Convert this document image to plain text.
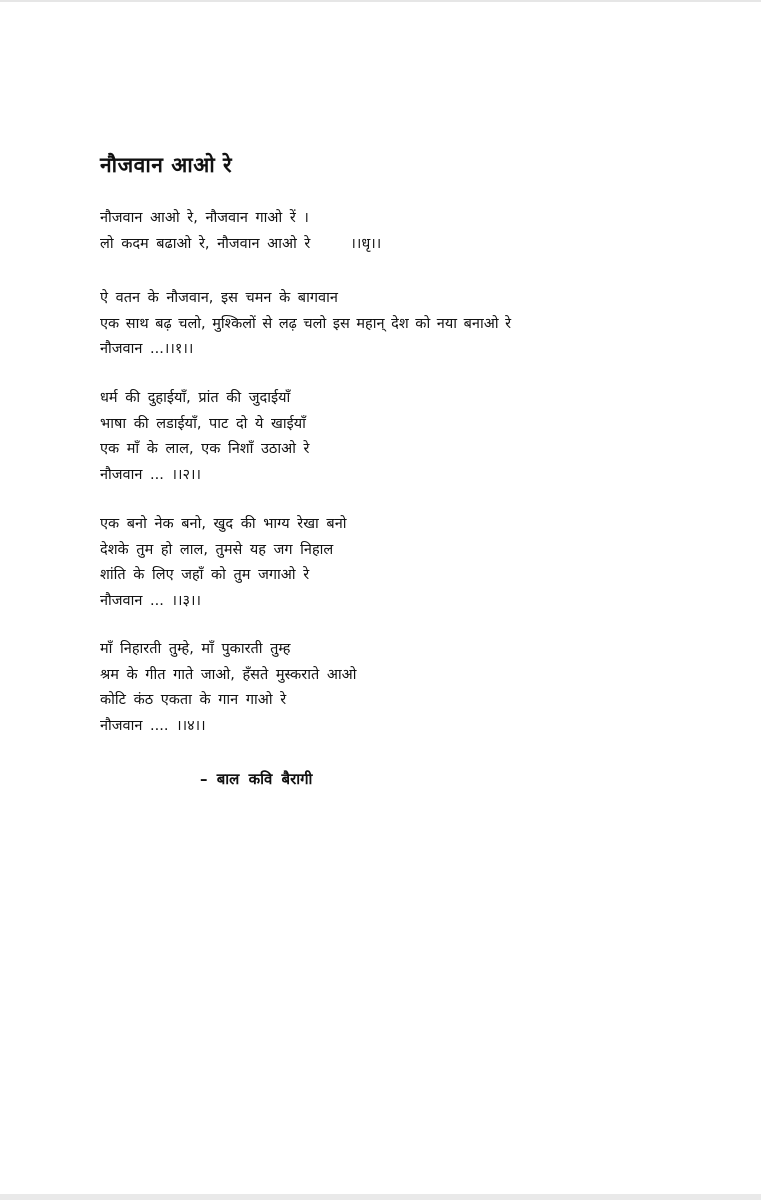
नौजवान आओ रे
नौजवान आओ रे, नौजवान गाओ रें ।
लो कदम बढाओ रे, नौजवान आओ रे	।।धृ।।
ऐ वतन के नौजवान, इस चमन के बागवान
एक साथ बढ़ चलो, मुश्किलों से लढ़ चलो इस महान् देश को नया बनाओ रे
नौजवान ...।।१।।
धर्म की दुहाईयाँ, प्रांत की जुदाईयाँ
भाषा की लडाईयाँ, पाट दो ये खाईयाँ
एक माँ के लाल, एक निशाँ उठाओ रे
नौजवान ... ।।२।।
एक बनो नेक बनो, खुद की भाग्य रेखा बनो
देशके तुम हो लाल, तुमसे यह जग निहाल
शांति के लिए जहाँ को तुम जगाओ रे
नौजवान ... ।।३।।
माँ निहारती तुम्हे, माँ पुकारती तुम्ह
श्रम के गीत गाते जाओ, हँसते मुस्कराते आओ
कोटि कंठ एकता के गान गाओ रे
नौजवान .... ।।४।।
– बाल कवि बैरागी
